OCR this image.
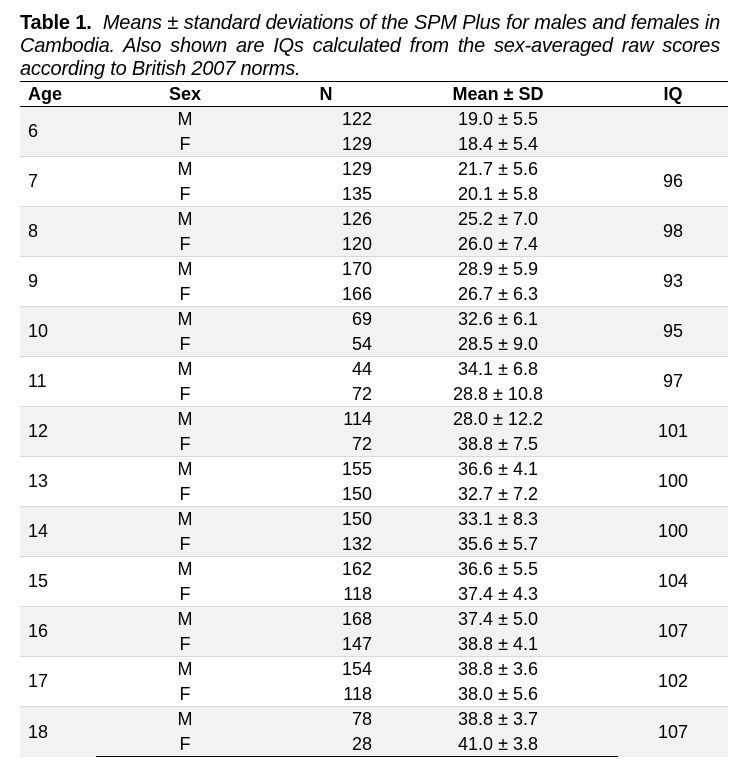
Table 1. Means ± standard deviations of the SPM Plus for males and females in Cambodia. Also shown are IQs calculated from the sex-averaged raw scores according to British 2007 norms.

Age	Sex	N	Mean ± SD	IQ
6	M	122	19.0 ± 5.5	
	F	129	18.4 ± 5.4	
7	M	129	21.7 ± 5.6	96
	F	135	20.1 ± 5.8	
8	M	126	25.2 ± 7.0	98
	F	120	26.0 ± 7.4	
9	M	170	28.9 ± 5.9	93
	F	166	26.7 ± 6.3	
10	M	69	32.6 ± 6.1	95
	F	54	28.5 ± 9.0	
11	M	44	34.1 ± 6.8	97
	F	72	28.8 ± 10.8	
12	M	114	28.0 ± 12.2	101
	F	72	38.8 ± 7.5	
13	M	155	36.6 ± 4.1	100
	F	150	32.7 ± 7.2	
14	M	150	33.1 ± 8.3	100
	F	132	35.6 ± 5.7	
15	M	162	36.6 ± 5.5	104
	F	118	37.4 ± 4.3	
16	M	168	37.4 ± 5.0	107
	F	147	38.8 ± 4.1	
17	M	154	38.8 ± 3.6	102
	F	118	38.0 ± 5.6	
18	M	78	38.8 ± 3.7	107
	F	28	41.0 ± 3.8	
